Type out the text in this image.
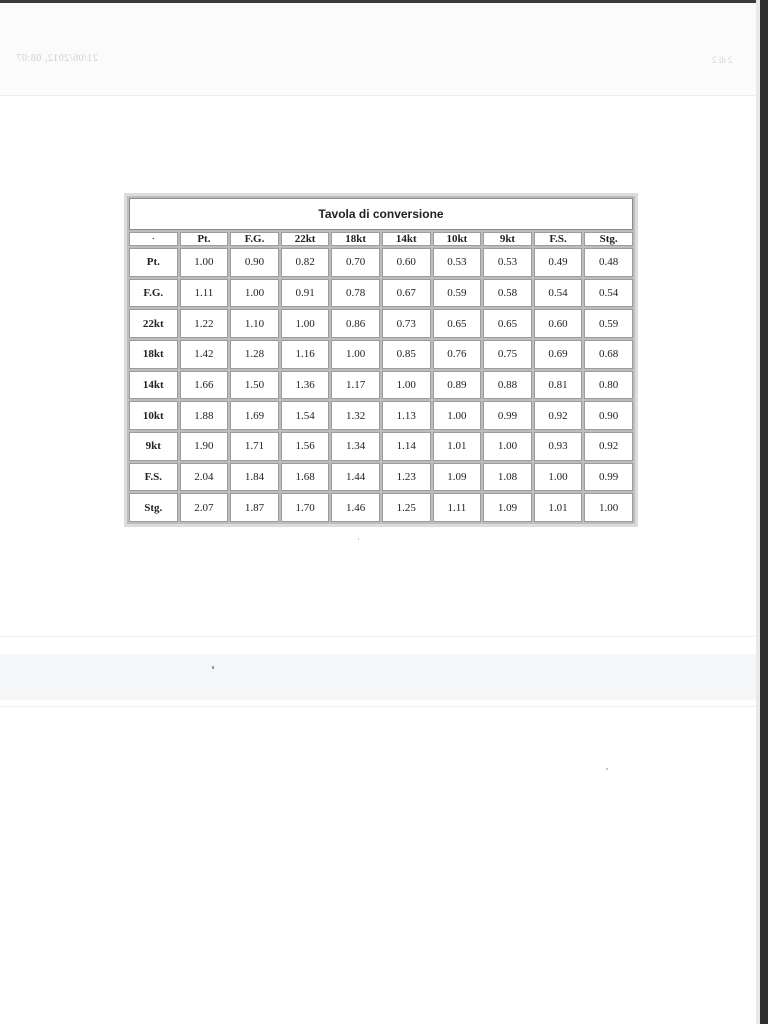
21/06/2012, 08:07	2 di 2
Tavola di conversione									
·	Pt.	F.G.	22kt	18kt	14kt	10kt	9kt	F.S.	Stg.
Pt.	1.00	0.90	0.82	0.70	0.60	0.53	0.53	0.49	0.48
F.G.	1.11	1.00	0.91	0.78	0.67	0.59	0.58	0.54	0.54
22kt	1.22	1.10	1.00	0.86	0.73	0.65	0.65	0.60	0.59
18kt	1.42	1.28	1.16	1.00	0.85	0.76	0.75	0.69	0.68
14kt	1.66	1.50	1.36	1.17	1.00	0.89	0.88	0.81	0.80
10kt	1.88	1.69	1.54	1.32	1.13	1.00	0.99	0.92	0.90
9kt	1.90	1.71	1.56	1.34	1.14	1.01	1.00	0.93	0.92
F.S.	2.04	1.84	1.68	1.44	1.23	1.09	1.08	1.00	0.99
Stg.	2.07	1.87	1.70	1.46	1.25	1.11	1.09	1.01	1.00
